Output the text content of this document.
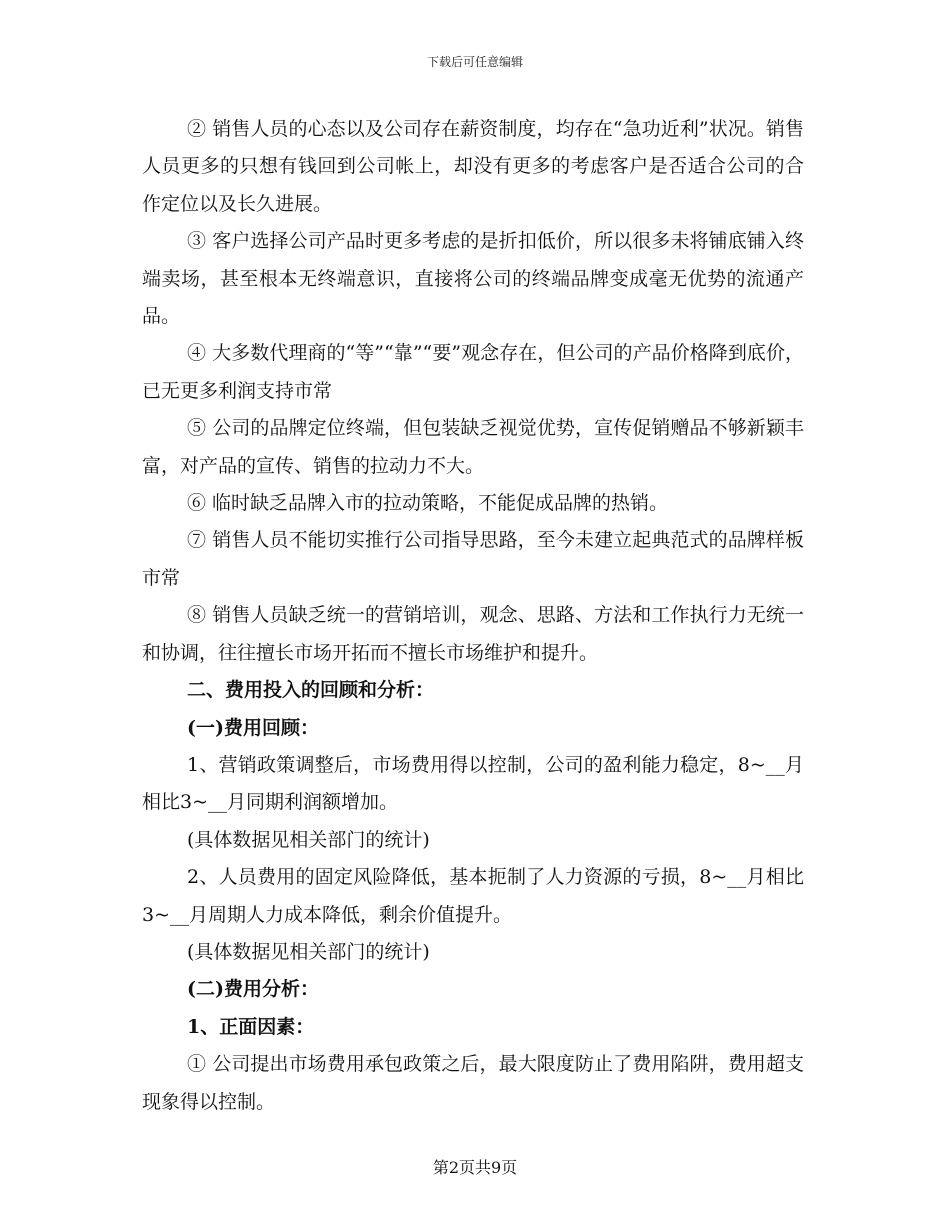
下载后可任意编辑

② 销售人员的心态以及公司存在薪资制度，均存在“急功近利”状况。销售人员更多的只想有钱回到公司帐上，却没有更多的考虑客户是否适合公司的合作定位以及长久进展。

③ 客户选择公司产品时更多考虑的是折扣低价，所以很多未将铺底铺入终端卖场，甚至根本无终端意识，直接将公司的终端品牌变成毫无优势的流通产品。

④ 大多数代理商的“等”“靠”“要”观念存在，但公司的产品价格降到底价，已无更多利润支持市常

⑤ 公司的品牌定位终端，但包装缺乏视觉优势，宣传促销赠品不够新颖丰富，对产品的宣传、销售的拉动力不大。

⑥ 临时缺乏品牌入市的拉动策略，不能促成品牌的热销。

⑦ 销售人员不能切实推行公司指导思路，至今未建立起典范式的品牌样板市常

⑧ 销售人员缺乏统一的营销培训，观念、思路、方法和工作执行力无统一和协调，往往擅长市场开拓而不擅长市场维护和提升。

二、费用投入的回顾和分析：

(一)费用回顾：

1、营销政策调整后，市场费用得以控制，公司的盈利能力稳定，8~__月相比3~__月同期利润额增加。

(具体数据见相关部门的统计)

2、人员费用的固定风险降低，基本扼制了人力资源的亏损，8~__月相比3~__月周期人力成本降低，剩余价值提升。

(具体数据见相关部门的统计)

(二)费用分析：

1、正面因素：

① 公司提出市场费用承包政策之后，最大限度防止了费用陷阱，费用超支现象得以控制。

第2页共9页
